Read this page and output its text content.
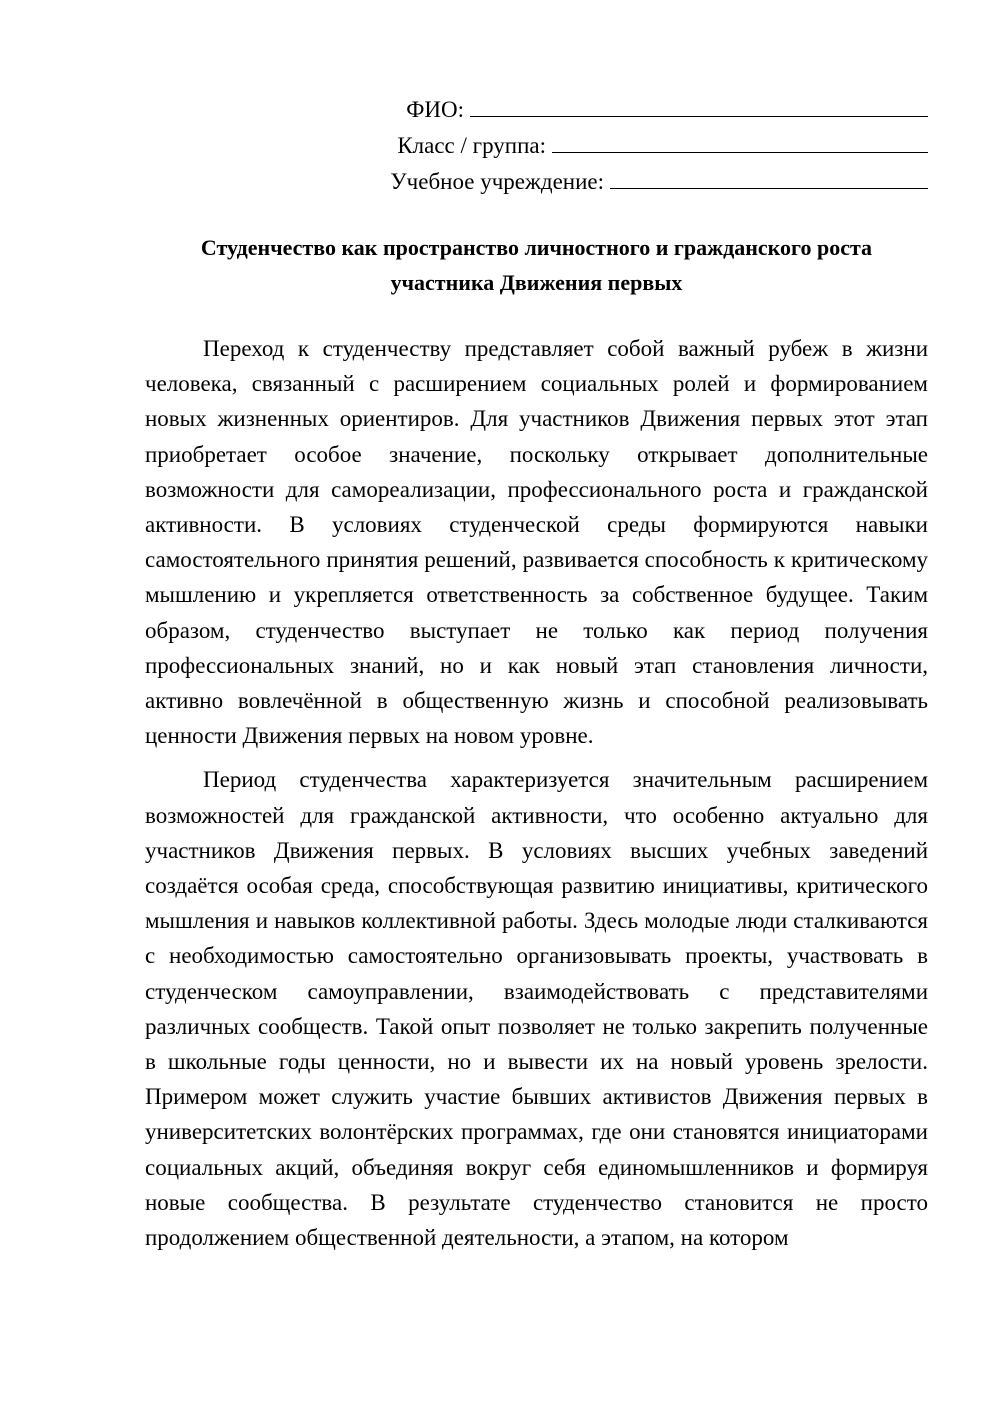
ФИО:
Класс / группа:
Учебное учреждение:
Студенчество как пространство личностного и гражданского роста
участника Движения первых

Переход к студенчеству представляет собой важный рубеж в жизни человека, связанный с расширением социальных ролей и формированием новых жизненных ориентиров. Для участников Движения первых этот этап приобретает особое значение, поскольку открывает дополнительные возможности для самореализации, профессионального роста и гражданской активности. В условиях студенческой среды формируются навыки самостоятельного принятия решений, развивается способность к критическому мышлению и укрепляется ответственность за собственное будущее. Таким образом, студенчество выступает не только как период получения профессиональных знаний, но и как новый этап становления личности, активно вовлечённой в общественную жизнь и способной реализовывать ценности Движения первых на новом уровне.

Период студенчества характеризуется значительным расширением возможностей для гражданской активности, что особенно актуально для участников Движения первых. В условиях высших учебных заведений создаётся особая среда, способствующая развитию инициативы, критического мышления и навыков коллективной работы. Здесь молодые люди сталкиваются с необходимостью самостоятельно организовывать проекты, участвовать в студенческом самоуправлении, взаимодействовать с представителями различных сообществ. Такой опыт позволяет не только закрепить полученные в школьные годы ценности, но и вывести их на новый уровень зрелости. Примером может служить участие бывших активистов Движения первых в университетских волонтёрских программах, где они становятся инициаторами социальных акций, объединяя вокруг себя единомышленников и формируя новые сообщества. В результате студенчество становится не просто продолжением общественной деятельности, а этапом, на котором
